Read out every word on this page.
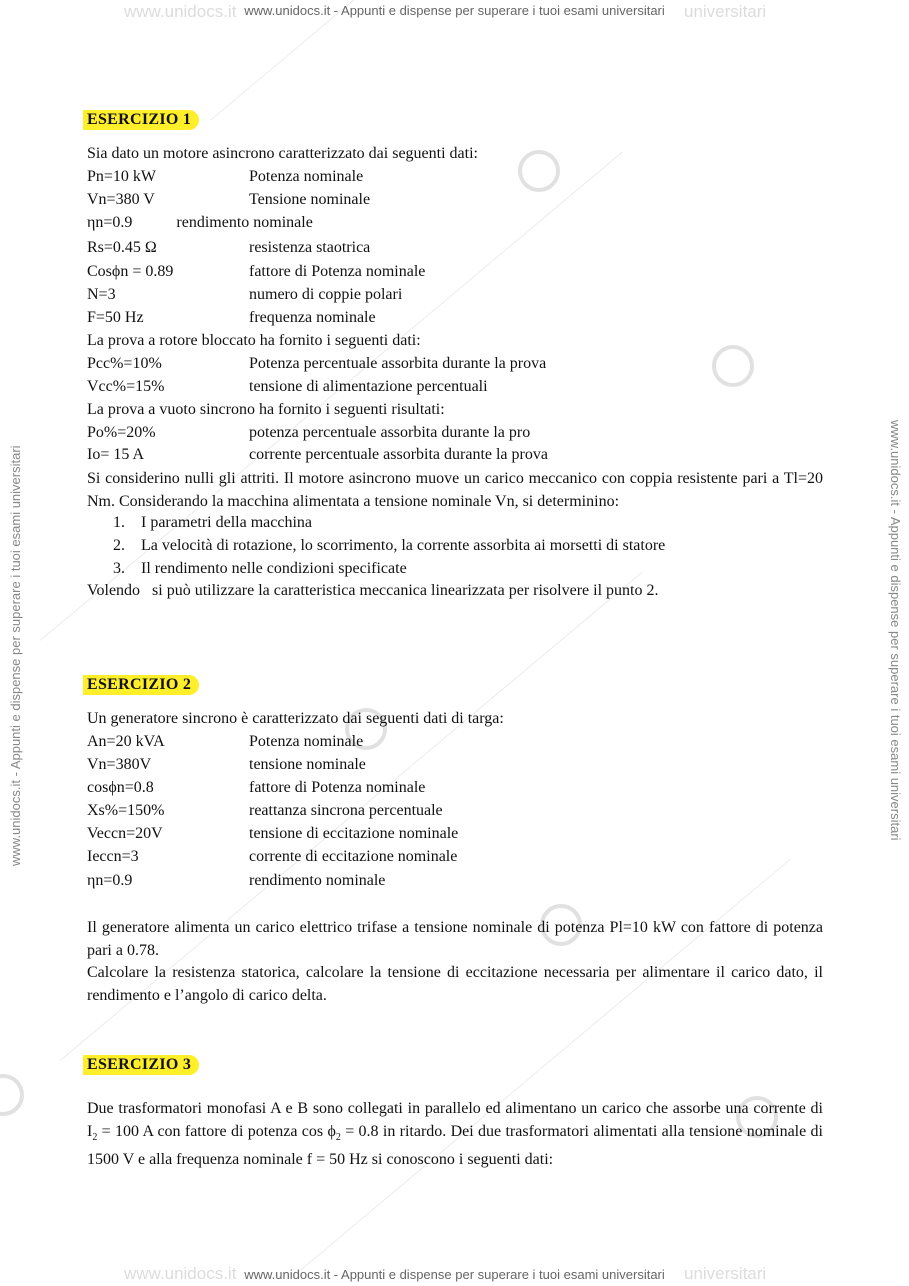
www.unidocs.it	universitari
www.unidocs.it	universitari
www.unidocs.it - Appunti e dispense per superare i tuoi esami universitari
www.unidocs.it - Appunti e dispense per superare i tuoi esami universitari
www.unidocs.it - Appunti e dispense per superare i tuoi esami universitari	www.unidocs.it - Appunti e dispense per superare i tuoi esami universitari
ESERCIZIO 1
Sia dato un motore asincrono caratterizzato dai seguenti dati:
Pn=10 kW	Potenza nominale
Vn=380 V	Tensione nominale
ηn=0.9           rendimento nominale
Rs=0.45 Ω	resistenza staotrica
Cosϕn = 0.89	fattore di Potenza nominale
N=3	numero di coppie polari
F=50 Hz	frequenza nominale
La prova a rotore bloccato ha fornito i seguenti dati:
Pcc%=10%	Potenza percentuale assorbita durante la prova
Vcc%=15%	tensione di alimentazione percentuali
La prova a vuoto sincrono ha fornito i seguenti risultati:
Po%=20%	potenza percentuale assorbita durante la pro
Io= 15 A	corrente percentuale assorbita durante la prova
Si considerino nulli gli attriti. Il motore asincrono muove un carico meccanico con coppia resistente pari a Tl=20 Nm. Considerando la macchina alimentata a tensione nominale Vn, si determinino:
1. I parametri della macchina
2. La velocità di rotazione, lo scorrimento, la corrente assorbita ai morsetti di statore
3. Il rendimento nelle condizioni specificate
Volendo   si può utilizzare la caratteristica meccanica linearizzata per risolvere il punto 2.
ESERCIZIO 2
Un generatore sincrono è caratterizzato dai seguenti dati di targa:
An=20 kVA	Potenza nominale
Vn=380V	tensione nominale
cosϕn=0.8	fattore di Potenza nominale
Xs%=150%	reattanza sincrona percentuale
Veccn=20V	tensione di eccitazione nominale
Ieccn=3	corrente di eccitazione nominale
ηn=0.9	rendimento nominale
Il generatore alimenta un carico elettrico trifase a tensione nominale di potenza Pl=10 kW con fattore di potenza pari a 0.78.
Calcolare la resistenza statorica, calcolare la tensione di eccitazione necessaria per alimentare il carico dato, il rendimento e l’angolo di carico delta.
ESERCIZIO 3
Due trasformatori monofasi A e B sono collegati in parallelo ed alimentano un carico che assorbe una corrente di $I_2 = 100$ A con fattore di potenza $\cos \phi_2 = 0.8$ in ritardo. Dei due trasformatori alimentati alla tensione nominale di 1500 V e alla frequenza nominale f = 50 Hz si conoscono i seguenti dati:
